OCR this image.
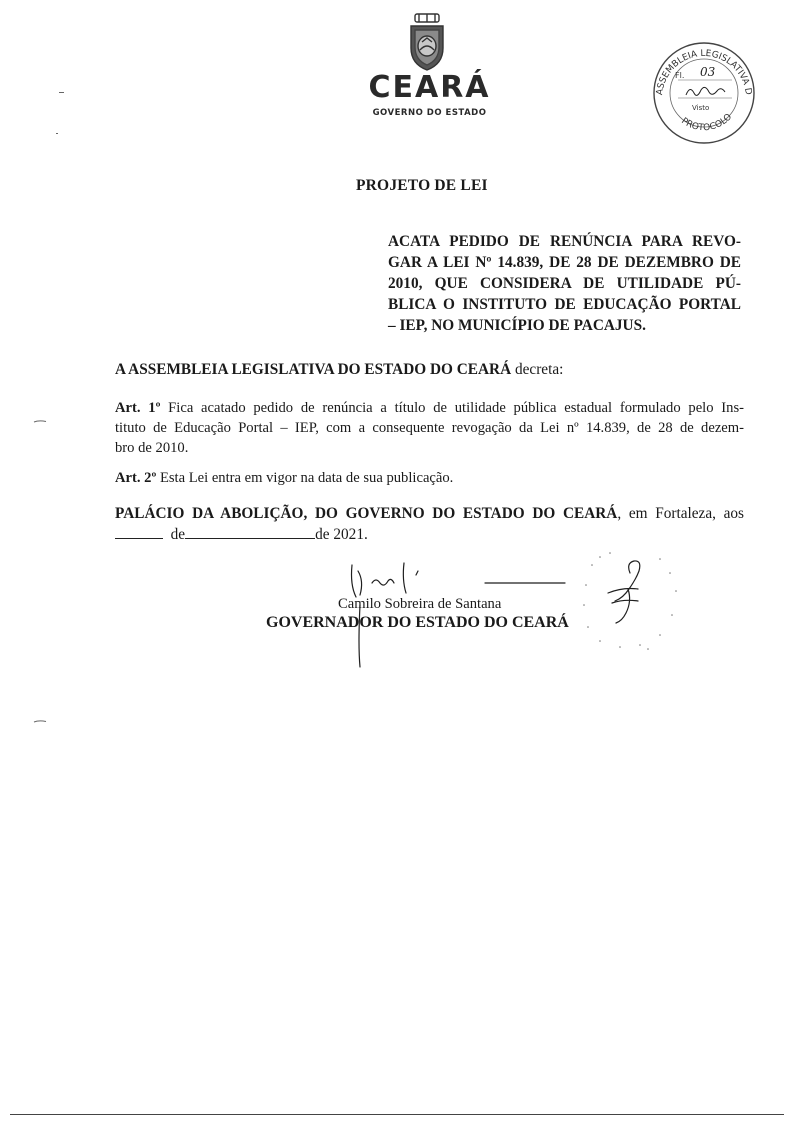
CEARÁ
GOVERNO DO ESTADO
ASSEMBLEIA LEGISLATIVA D
PROTOCOLO
Fl. 03
Visto
PROJETO DE LEI
ACATA PEDIDO DE RENÚNCIA PARA REVO-
GAR A LEI Nº 14.839, DE 28 DE DEZEMBRO DE
2010, QUE CONSIDERA DE UTILIDADE PÚ-
BLICA O INSTITUTO DE EDUCAÇÃO PORTAL
– IEP, NO MUNICÍPIO DE PACAJUS.
A ASSEMBLEIA LEGISLATIVA DO ESTADO DO CEARÁ decreta:
Art. 1º Fica acatado pedido de renúncia a título de utilidade pública estadual formulado pelo Ins-
tituto de Educação Portal – IEP, com a consequente revogação da Lei nº 14.839, de 28 de dezem-
bro de 2010.
Art. 2º Esta Lei entra em vigor na data de sua publicação.
PALÁCIO DA ABOLIÇÃO, DO GOVERNO DO ESTADO DO CEARÁ, em Fortaleza, aos
de	de 2021.
Camilo Sobreira de Santana
GOVERNADOR DO ESTADO DO CEARÁ
